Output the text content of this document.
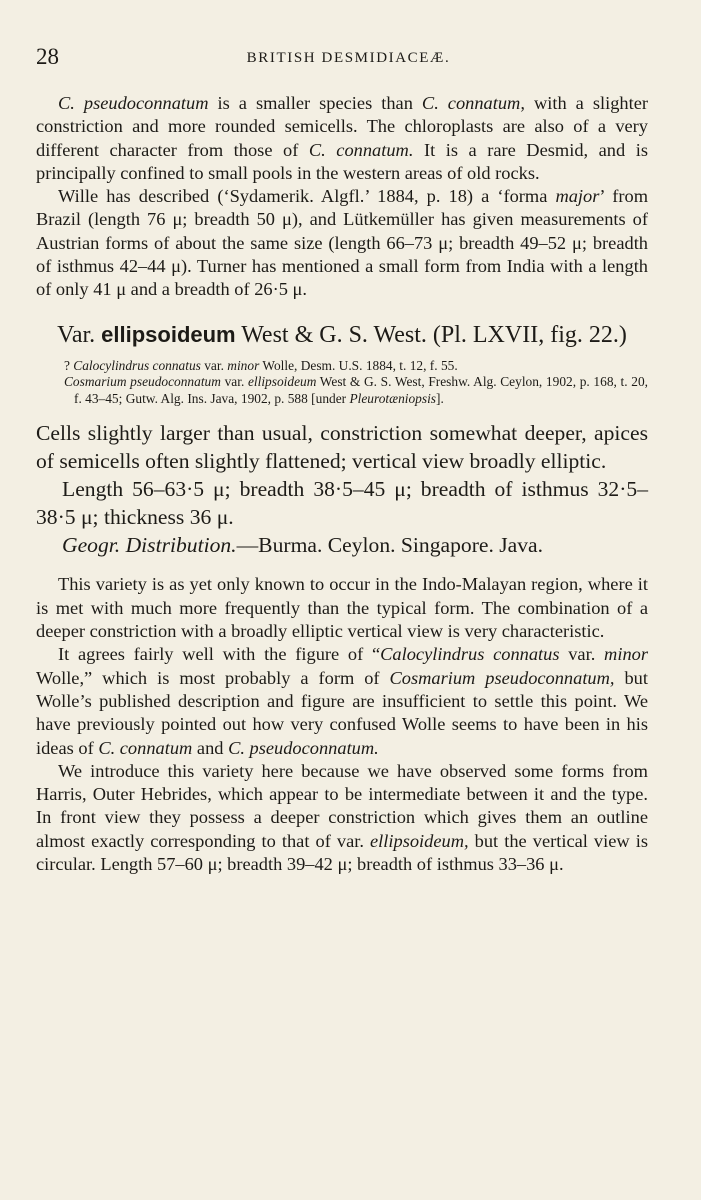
28	BRITISH DESMIDIACEÆ.

C. pseudoconnatum is a smaller species than C. connatum, with a slighter constriction and more rounded semicells. The chloroplasts are also of a very different character from those of C. connatum. It is a rare Desmid, and is principally confined to small pools in the western areas of old rocks.

Wille has described (‘Sydamerik. Algfl.’ 1884, p. 18) a ‘forma major’ from Brazil (length 76 μ; breadth 50 μ), and Lütkemüller has given measurements of Austrian forms of about the same size (length 66–73 μ; breadth 49–52 μ; breadth of isthmus 42–44 μ). Turner has mentioned a small form from India with a length of only 41 μ and a breadth of 26·5 μ.

Var. ellipsoideum West & G. S. West. (Pl. LXVII, fig. 22.)

? Calocylindrus connatus var. minor Wolle, Desm. U.S. 1884, t. 12, f. 55.

Cosmarium pseudoconnatum var. ellipsoideum West & G. S. West, Freshw. Alg. Ceylon, 1902, p. 168, t. 20, f. 43–45; Gutw. Alg. Ins. Java, 1902, p. 588 [under Pleurotæniopsis].

Cells slightly larger than usual, constriction somewhat deeper, apices of semicells often slightly flattened; vertical view broadly elliptic.

Length 56–63·5 μ; breadth 38·5–45 μ; breadth of isthmus 32·5–38·5 μ; thickness 36 μ.

Geogr. Distribution.—Burma. Ceylon. Singapore. Java.

This variety is as yet only known to occur in the Indo-Malayan region, where it is met with much more frequently than the typical form. The combination of a deeper constriction with a broadly elliptic vertical view is very characteristic.

It agrees fairly well with the figure of “Calocylindrus connatus var. minor Wolle,” which is most probably a form of Cosmarium pseudoconnatum, but Wolle’s published description and figure are insufficient to settle this point. We have previously pointed out how very confused Wolle seems to have been in his ideas of C. connatum and C. pseudoconnatum.

We introduce this variety here because we have observed some forms from Harris, Outer Hebrides, which appear to be intermediate between it and the type. In front view they possess a deeper constriction which gives them an outline almost exactly corresponding to that of var. ellipsoideum, but the vertical view is circular. Length 57–60 μ; breadth 39–42 μ; breadth of isthmus 33–36 μ.
